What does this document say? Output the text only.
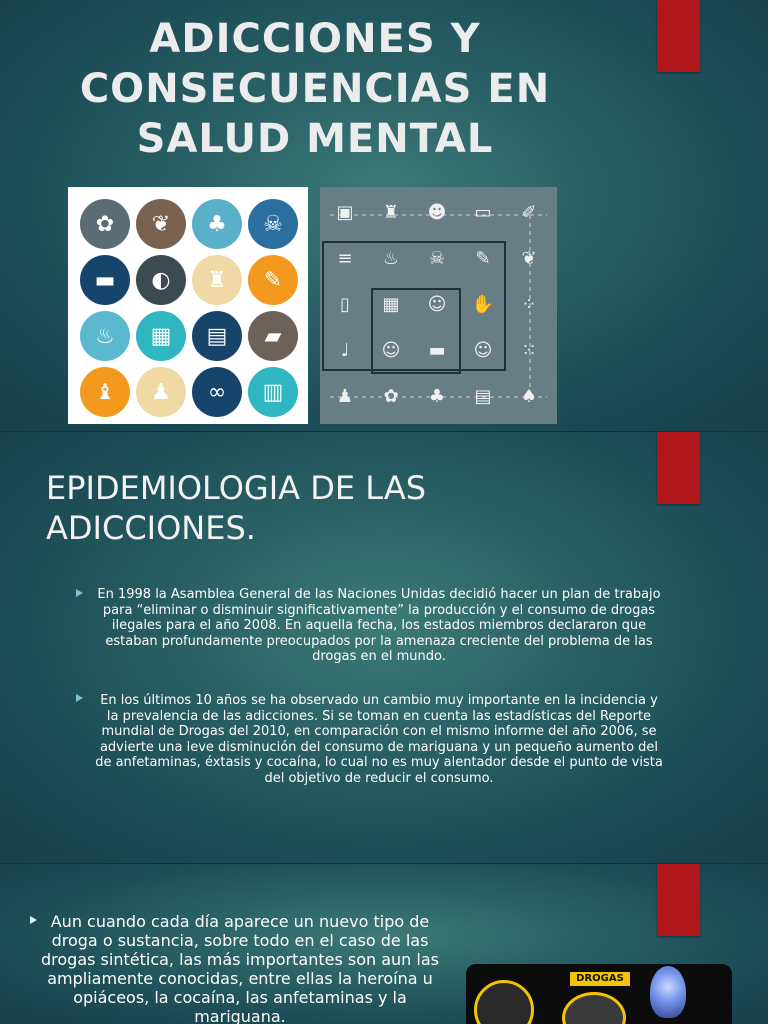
ADICCIONES Y CONSECUENCIAS EN SALUD MENTAL
✿	❦	♣	☠
▬	◐	♜	✎
♨	▦	▤	▰
♝	♟	∞	▥
▣	♜	☻	▭	✐
≡	♨	☠	✎	❦
▯	▦	☺	✋	⁘
♩	☺	▬	☺	⁙
♟	✿	♣	▤	♠
EPIDEMIOLOGIA DE LAS ADICCIONES.
En 1998 la Asamblea General de las Naciones Unidas decidió hacer un plan de trabajo para “eliminar o disminuir significativamente” la producción y el consumo de drogas ilegales para el año 2008. En aquella fecha, los estados miembros declararon que estaban profundamente preocupados por la amenaza creciente del problema de las drogas en el mundo.
En los últimos 10 años se ha observado un cambio muy importante en la incidencia y la prevalencia de las adicciones. Si se toman en cuenta las estadísticas del Reporte mundial de Drogas del 2010, en comparación con el mismo informe del año 2006, se advierte una leve disminución del consumo de mariguana y un pequeño aumento del de anfetaminas, éxtasis y cocaína, lo cual no es muy alentador desde el punto de vista del objetivo de reducir el consumo.
Aun cuando cada día aparece un nuevo tipo de droga o sustancia, sobre todo en el caso de las drogas sintética, las más importantes son aun las ampliamente conocidas, entre ellas la heroína u opiáceos, la cocaína, las anfetaminas y la mariguana.
DROGAS
